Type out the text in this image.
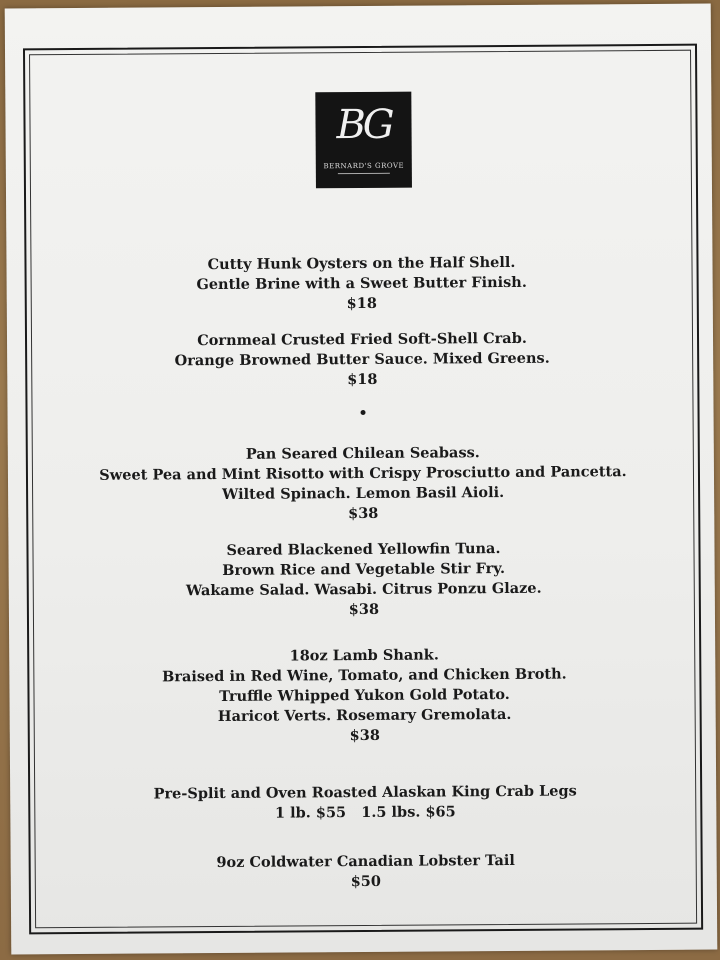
BG
BERNARD'S GROVE
Cutty Hunk Oysters on the Half Shell.
Gentle Brine with a Sweet Butter Finish.
$18
Cornmeal Crusted Fried Soft-Shell Crab.
Orange Browned Butter Sauce. Mixed Greens.
$18
Pan Seared Chilean Seabass.
Sweet Pea and Mint Risotto with Crispy Prosciutto and Pancetta.
Wilted Spinach. Lemon Basil Aioli.
$38
Seared Blackened Yellowfin Tuna.
Brown Rice and Vegetable Stir Fry.
Wakame Salad. Wasabi. Citrus Ponzu Glaze.
$38
18oz Lamb Shank.
Braised in Red Wine, Tomato, and Chicken Broth.
Truffle Whipped Yukon Gold Potato.
Haricot Verts. Rosemary Gremolata.
$38
Pre-Split and Oven Roasted Alaskan King Crab Legs
1 lb. $55   1.5 lbs. $65
9oz Coldwater Canadian Lobster Tail
$50
